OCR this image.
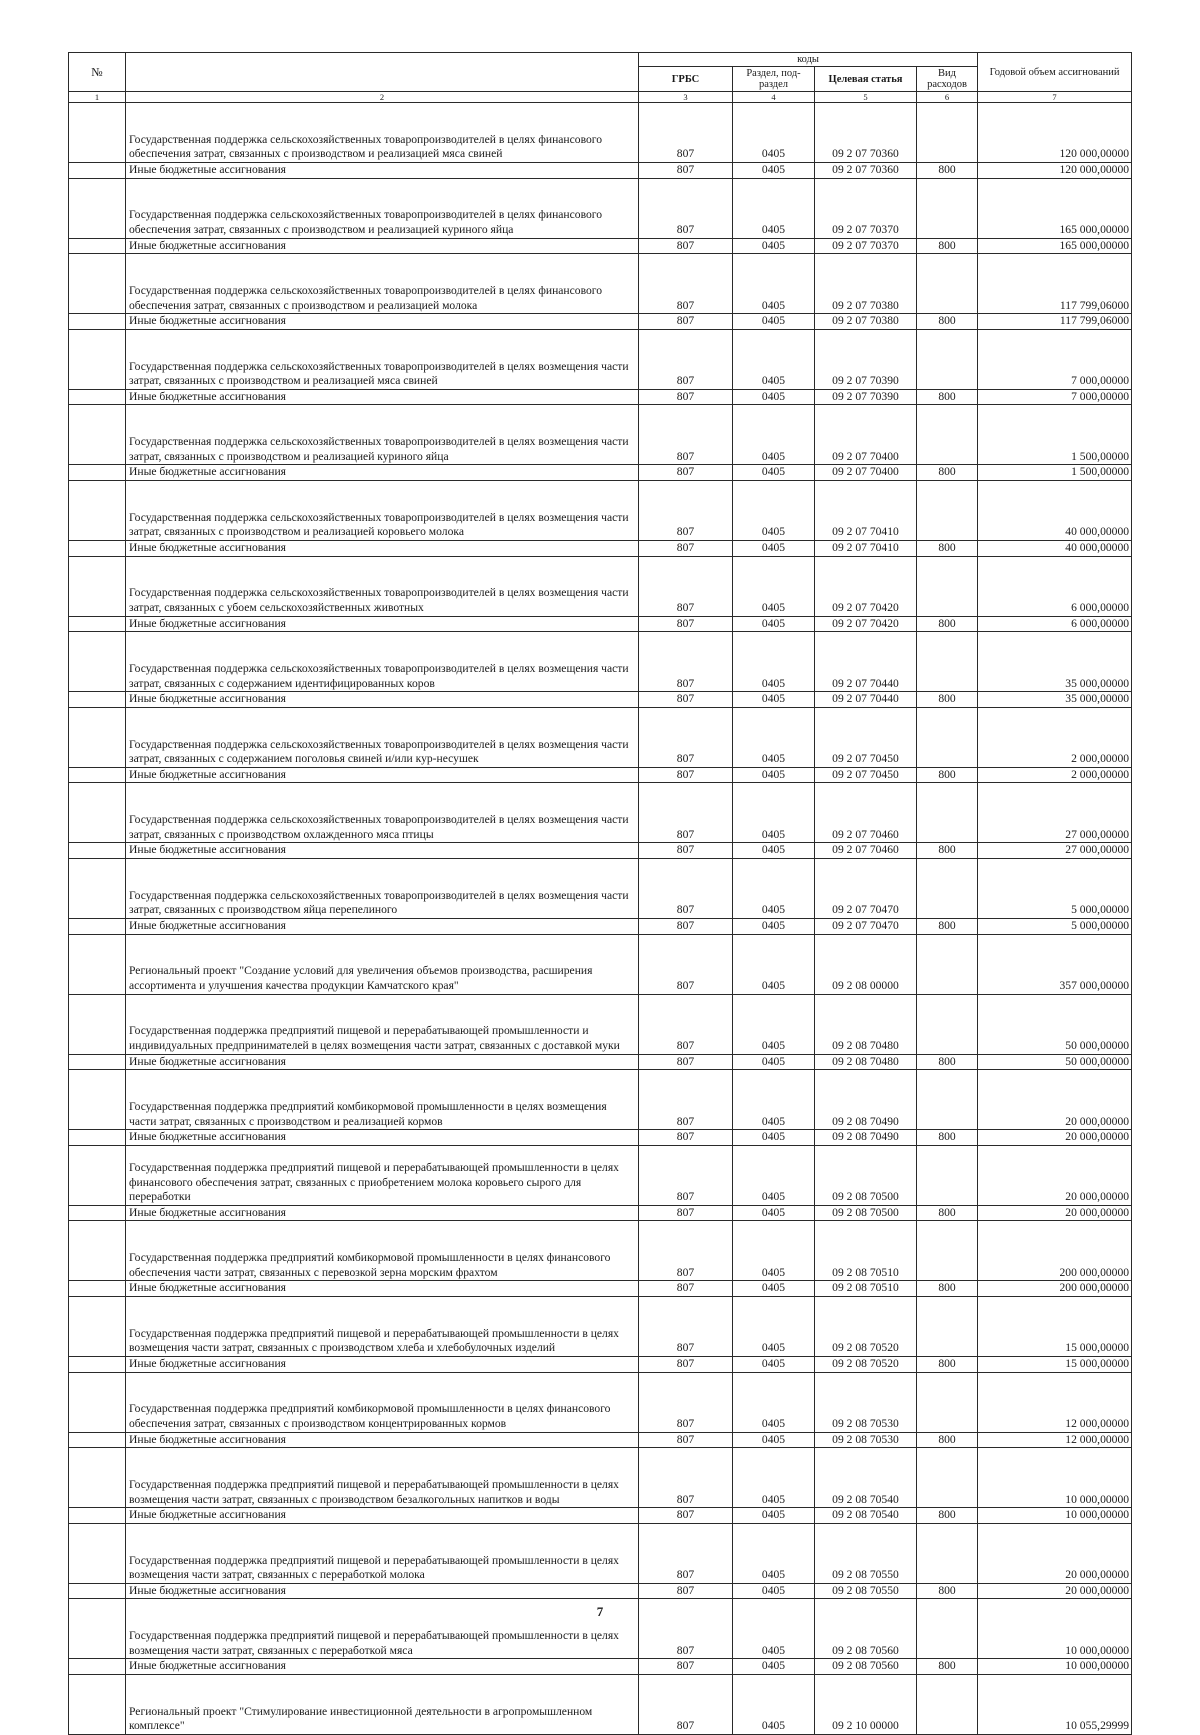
№		коды				Годовой объем ассигнований
		ГРБС	Раздел, под-раздел	Целевая статья	Вид расходов	
1	2	3	4	5	6	7
	Государственная поддержка сельскохозяйственных товаропроизводителей в целях финансового обеспечения затрат, связанных с производством и реализацией мяса свиней	807	0405	09 2 07 70360		120 000,00000
	Иные бюджетные ассигнования	807	0405	09 2 07 70360	800	120 000,00000
	Государственная поддержка сельскохозяйственных товаропроизводителей в целях финансового обеспечения затрат, связанных с производством и реализацией куриного яйца	807	0405	09 2 07 70370		165 000,00000
	Иные бюджетные ассигнования	807	0405	09 2 07 70370	800	165 000,00000
	Государственная поддержка сельскохозяйственных товаропроизводителей в целях финансового обеспечения затрат, связанных с производством и реализацией молока	807	0405	09 2 07 70380		117 799,06000
	Иные бюджетные ассигнования	807	0405	09 2 07 70380	800	117 799,06000
	Государственная поддержка сельскохозяйственных товаропроизводителей в целях возмещения части затрат, связанных с производством и реализацией мяса свиней	807	0405	09 2 07 70390		7 000,00000
	Иные бюджетные ассигнования	807	0405	09 2 07 70390	800	7 000,00000
	Государственная поддержка сельскохозяйственных товаропроизводителей в целях возмещения части затрат, связанных с производством и реализацией куриного яйца	807	0405	09 2 07 70400		1 500,00000
	Иные бюджетные ассигнования	807	0405	09 2 07 70400	800	1 500,00000
	Государственная поддержка сельскохозяйственных товаропроизводителей в целях возмещения части затрат, связанных с производством и реализацией коровьего молока	807	0405	09 2 07 70410		40 000,00000
	Иные бюджетные ассигнования	807	0405	09 2 07 70410	800	40 000,00000
	Государственная поддержка сельскохозяйственных товаропроизводителей в целях возмещения части затрат, связанных с убоем сельскохозяйственных животных	807	0405	09 2 07 70420		6 000,00000
	Иные бюджетные ассигнования	807	0405	09 2 07 70420	800	6 000,00000
	Государственная поддержка сельскохозяйственных товаропроизводителей в целях возмещения части затрат, связанных с содержанием идентифицированных коров	807	0405	09 2 07 70440		35 000,00000
	Иные бюджетные ассигнования	807	0405	09 2 07 70440	800	35 000,00000
	Государственная поддержка сельскохозяйственных товаропроизводителей в целях возмещения части затрат, связанных с содержанием поголовья свиней и/или кур-несушек	807	0405	09 2 07 70450		2 000,00000
	Иные бюджетные ассигнования	807	0405	09 2 07 70450	800	2 000,00000
	Государственная поддержка сельскохозяйственных товаропроизводителей в целях возмещения части затрат, связанных с производством охлажденного мяса птицы	807	0405	09 2 07 70460		27 000,00000
	Иные бюджетные ассигнования	807	0405	09 2 07 70460	800	27 000,00000
	Государственная поддержка сельскохозяйственных товаропроизводителей в целях возмещения части затрат, связанных с производством яйца перепелиного	807	0405	09 2 07 70470		5 000,00000
	Иные бюджетные ассигнования	807	0405	09 2 07 70470	800	5 000,00000
	Региональный проект "Создание условий для увеличения объемов производства, расширения ассортимента и улучшения качества продукции Камчатского края"	807	0405	09 2 08 00000		357 000,00000
	Государственная поддержка предприятий пищевой и перерабатывающей промышленности и индивидуальных предпринимателей в целях возмещения части затрат, связанных с доставкой муки	807	0405	09 2 08 70480		50 000,00000
	Иные бюджетные ассигнования	807	0405	09 2 08 70480	800	50 000,00000
	Государственная поддержка предприятий комбикормовой промышленности в целях возмещения части затрат, связанных с производством и реализацией кормов	807	0405	09 2 08 70490		20 000,00000
	Иные бюджетные ассигнования	807	0405	09 2 08 70490	800	20 000,00000
	Государственная поддержка предприятий пищевой и перерабатывающей промышленности в целях финансового обеспечения затрат, связанных с приобретением молока коровьего сырого для переработки	807	0405	09 2 08 70500		20 000,00000
	Иные бюджетные ассигнования	807	0405	09 2 08 70500	800	20 000,00000
	Государственная поддержка предприятий комбикормовой промышленности в целях финансового обеспечения части затрат, связанных с перевозкой зерна морским фрахтом	807	0405	09 2 08 70510		200 000,00000
	Иные бюджетные ассигнования	807	0405	09 2 08 70510	800	200 000,00000
	Государственная поддержка предприятий пищевой и перерабатывающей промышленности в целях возмещения части затрат, связанных с производством хлеба и хлебобулочных изделий	807	0405	09 2 08 70520		15 000,00000
	Иные бюджетные ассигнования	807	0405	09 2 08 70520	800	15 000,00000
	Государственная поддержка предприятий комбикормовой промышленности в целях финансового обеспечения затрат, связанных с производством концентрированных кормов	807	0405	09 2 08 70530		12 000,00000
	Иные бюджетные ассигнования	807	0405	09 2 08 70530	800	12 000,00000
	Государственная поддержка предприятий пищевой и перерабатывающей промышленности в целях возмещения части затрат, связанных с производством безалкогольных напитков и воды	807	0405	09 2 08 70540		10 000,00000
	Иные бюджетные ассигнования	807	0405	09 2 08 70540	800	10 000,00000
	Государственная поддержка предприятий пищевой и перерабатывающей промышленности в целях возмещения части затрат, связанных с переработкой молока	807	0405	09 2 08 70550		20 000,00000
	Иные бюджетные ассигнования	807	0405	09 2 08 70550	800	20 000,00000
	Государственная поддержка предприятий пищевой и перерабатывающей промышленности в целях возмещения части затрат, связанных с переработкой мяса	807	0405	09 2 08 70560		10 000,00000
	Иные бюджетные ассигнования	807	0405	09 2 08 70560	800	10 000,00000
	Региональный проект "Стимулирование инвестиционной деятельности в агропромышленном комплексе"	807	0405	09 2 10 00000		10 055,29999
7
